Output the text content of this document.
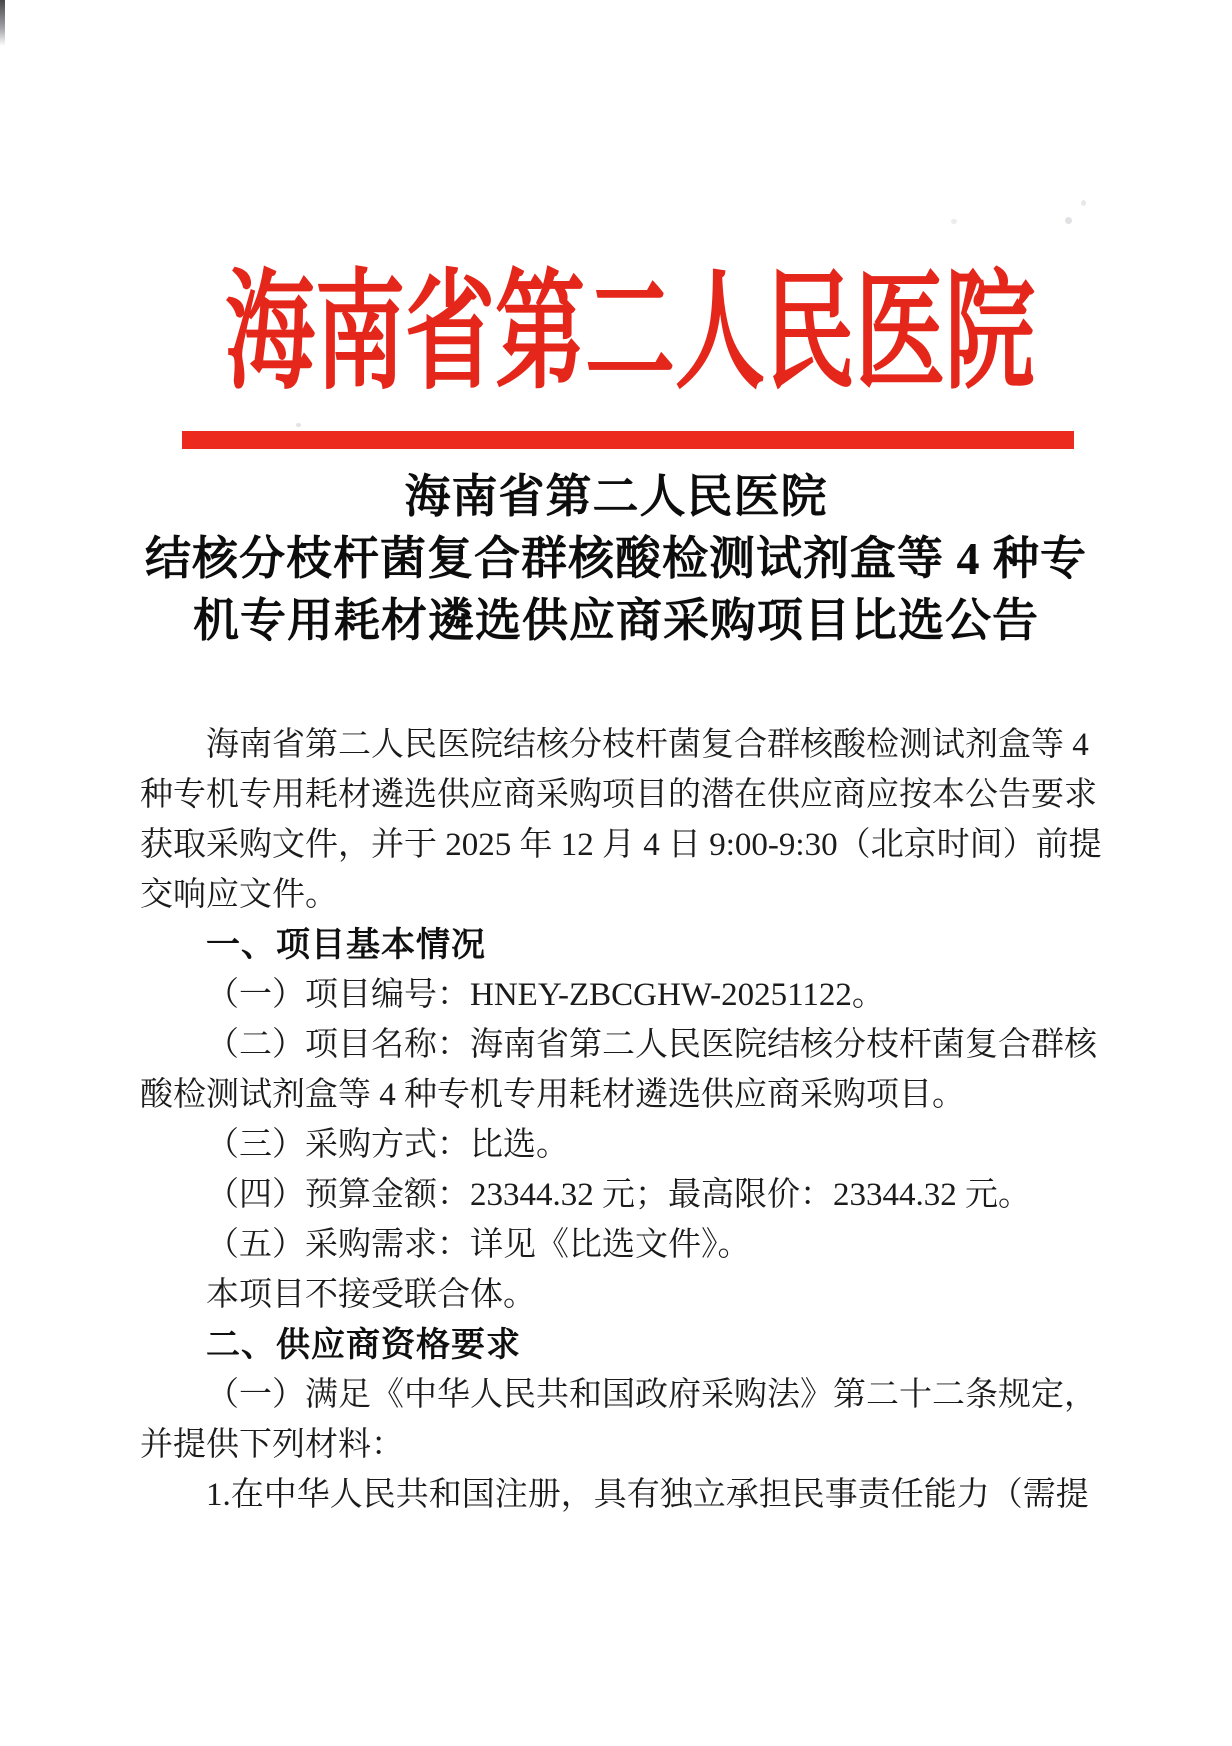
海南省第二人民医院
海南省第二人民医院
结核分枝杆菌复合群核酸检测试剂盒等 4 种专
机专用耗材遴选供应商采购项目比选公告
海南省第二人民医院结核分枝杆菌复合群核酸检测试剂盒等 4
种专机专用耗材遴选供应商采购项目的潜在供应商应按本公告要求
获取采购文件，并于 2025 年 12 月 4 日 9:00-9:30（北京时间）前提
交响应文件。
一、项目基本情况
（一）项目编号：HNEY-ZBCGHW-20251122。
（二）项目名称：海南省第二人民医院结核分枝杆菌复合群核
酸检测试剂盒等 4 种专机专用耗材遴选供应商采购项目。
（三）采购方式：比选。
（四）预算金额：23344.32 元；最高限价：23344.32 元。
（五）采购需求：详见《比选文件》。
本项目不接受联合体。
二、供应商资格要求
（一）满足《中华人民共和国政府采购法》第二十二条规定，
并提供下列材料：
1.在中华人民共和国注册，具有独立承担民事责任能力（需提
